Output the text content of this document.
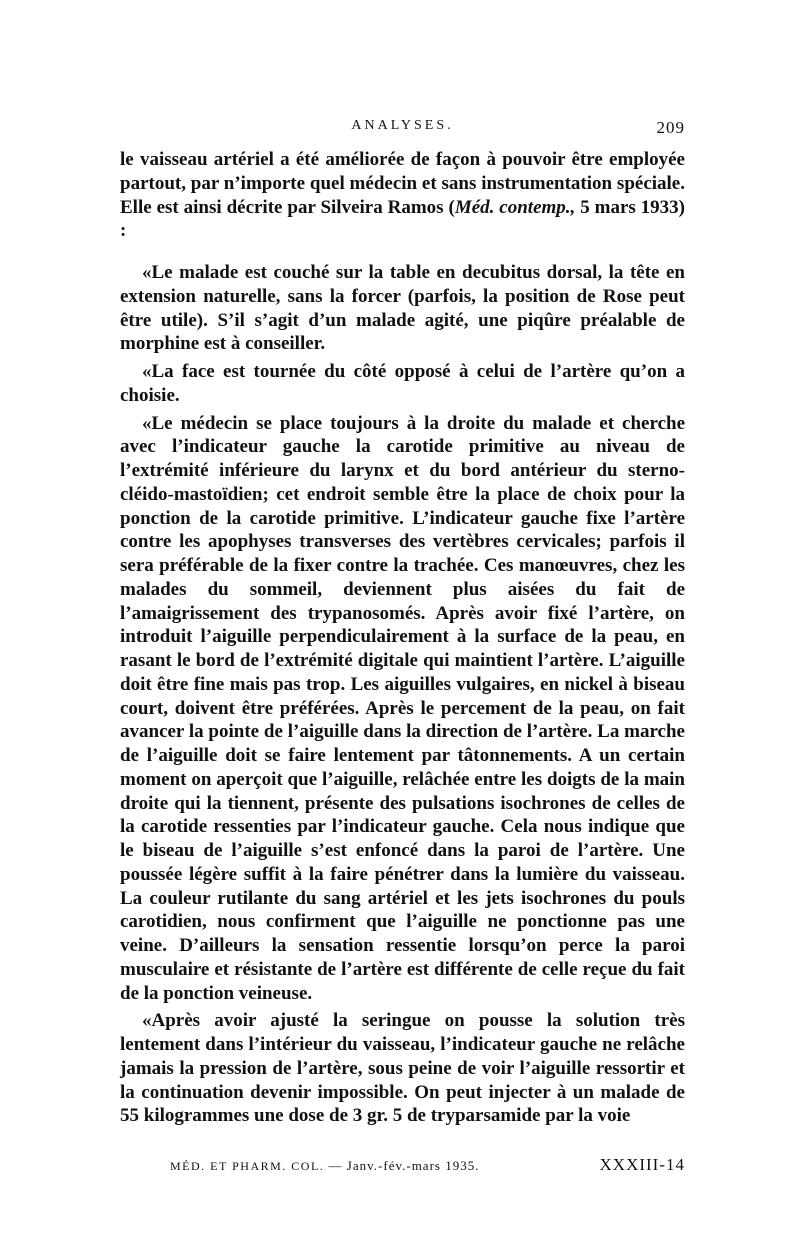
ANALYSES.	209

le vaisseau artériel a été améliorée de façon à pouvoir être employée partout, par n’importe quel médecin et sans instrumentation spéciale. Elle est ainsi décrite par Silveira Ramos (Méd. contemp., 5 mars 1933) :

«Le malade est couché sur la table en decubitus dorsal, la tête en extension naturelle, sans la forcer (parfois, la position de Rose peut être utile). S’il s’agit d’un malade agité, une piqûre préalable de morphine est à conseiller.

«La face est tournée du côté opposé à celui de l’artère qu’on a choisie.

«Le médecin se place toujours à la droite du malade et cherche avec l’indicateur gauche la carotide primitive au niveau de l’extrémité inférieure du larynx et du bord antérieur du sterno-cléido-mastoïdien; cet endroit semble être la place de choix pour la ponction de la carotide primitive. L’indicateur gauche fixe l’artère contre les apophyses transverses des vertèbres cervicales; parfois il sera préférable de la fixer contre la trachée. Ces manœuvres, chez les malades du sommeil, deviennent plus aisées du fait de l’amaigrissement des trypanosomés. Après avoir fixé l’artère, on introduit l’aiguille perpendiculairement à la surface de la peau, en rasant le bord de l’extrémité digitale qui maintient l’artère. L’aiguille doit être fine mais pas trop. Les aiguilles vulgaires, en nickel à biseau court, doivent être préférées. Après le percement de la peau, on fait avancer la pointe de l’aiguille dans la direction de l’artère. La marche de l’aiguille doit se faire lentement par tâtonnements. A un certain moment on aperçoit que l’aiguille, relâchée entre les doigts de la main droite qui la tiennent, présente des pulsations isochrones de celles de la carotide ressenties par l’indicateur gauche. Cela nous indique que le biseau de l’aiguille s’est enfoncé dans la paroi de l’artère. Une poussée légère suffit à la faire pénétrer dans la lumière du vaisseau. La couleur rutilante du sang artériel et les jets isochrones du pouls carotidien, nous confirment que l’aiguille ne ponctionne pas une veine. D’ailleurs la sensation ressentie lorsqu’on perce la paroi musculaire et résistante de l’artère est différente de celle reçue du fait de la ponction veineuse.

«Après avoir ajusté la seringue on pousse la solution très lentement dans l’intérieur du vaisseau, l’indicateur gauche ne relâche jamais la pression de l’artère, sous peine de voir l’aiguille ressortir et la continuation devenir impossible. On peut injecter à un malade de 55 kilogrammes une dose de 3 gr. 5 de tryparsamide par la voie

MÉD. ET PHARM. COL. — Janv.-fév.-mars 1935.	XXXIII-14
